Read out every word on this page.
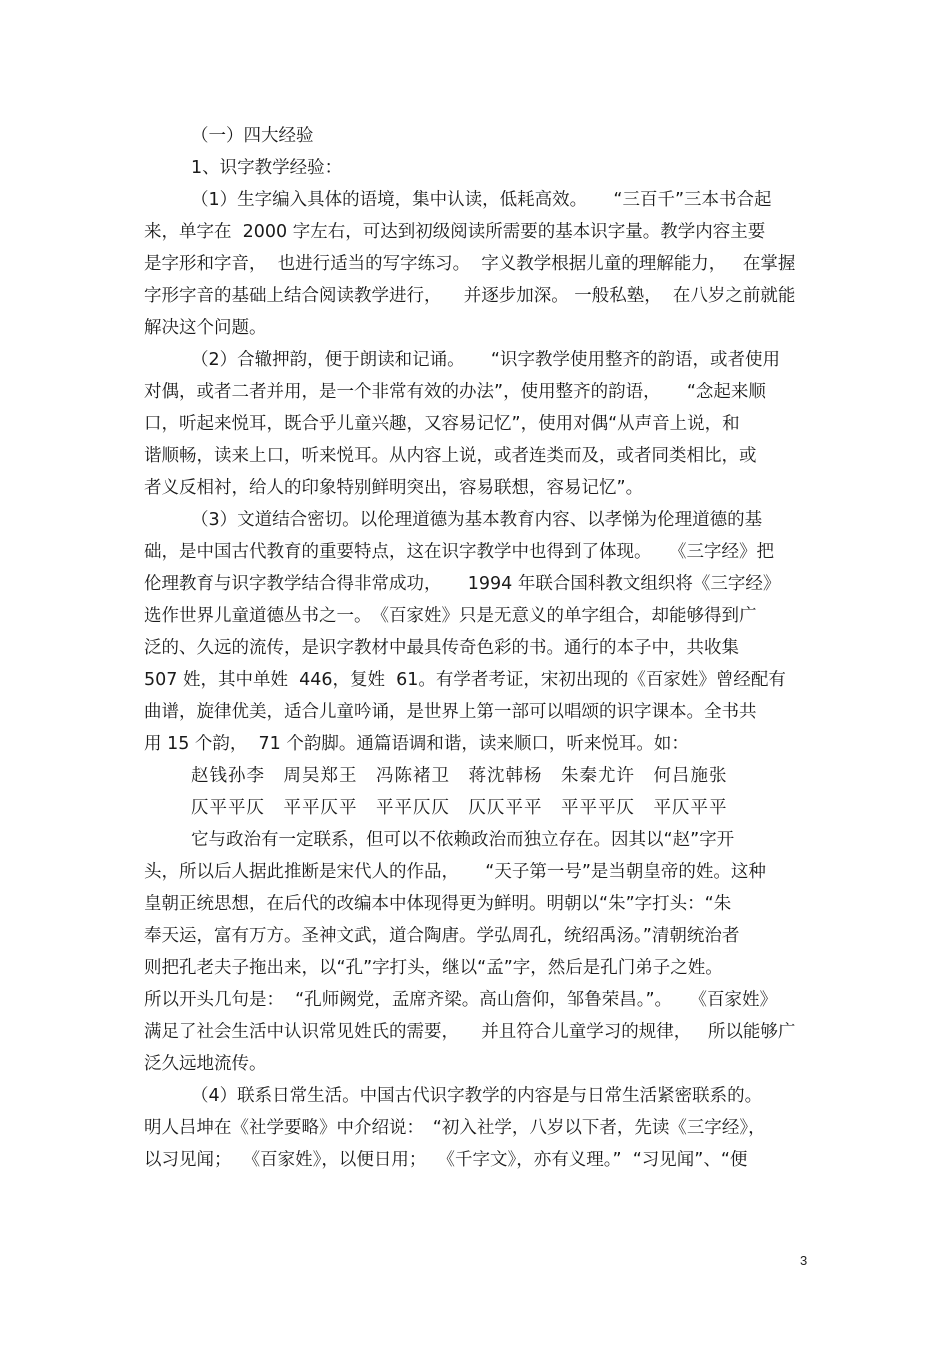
（一）四大经验
1、识字教学经验：
（1）生字编入具体的语境，集中认读，低耗高效。　　“三百千”三本书合起
来，单字在  2000 字左右，可达到初级阅读所需要的基本识字量。教学内容主要
是字形和字音，  也进行适当的写字练习。  字义教学根据儿童的理解能力，   在掌握
字形字音的基础上结合阅读教学进行，    并逐步加深。 一般私塾，  在八岁之前就能
解决这个问题。
（2）合辙押韵，便于朗读和记诵。　　“识字教学使用整齐的韵语，或者使用
对偶，或者二者并用，是一个非常有效的办法”，使用整齐的韵语，　　“念起来顺
口，听起来悦耳，既合乎儿童兴趣，又容易记忆”，使用对偶“从声音上说，和
谐顺畅，读来上口，听来悦耳。从内容上说，或者连类而及，或者同类相比，或
者义反相衬，给人的印象特别鲜明突出，容易联想，容易记忆”。
（3）文道结合密切。以伦理道德为基本教育内容、以孝悌为伦理道德的基
础，是中国古代教育的重要特点，这在识字教学中也得到了体现。　　《三字经》把
伦理教育与识字教学结合得非常成功，　　1994 年联合国科教文组织将《三字经》
选作世界儿童道德丛书之一。　《百家姓》只是无意义的单字组合，却能够得到广
泛的、久远的流传，是识字教材中最具传奇色彩的书。通行的本子中，共收集
507 姓，其中单姓  446，复姓  61。有学者考证，宋初出现的《百家姓》曾经配有
曲谱，旋律优美，适合儿童吟诵，是世界上第一部可以唱颂的识字课本。全书共
用 15 个韵，  71 个韵脚。通篇语调和谐，读来顺口，听来悦耳。如：
赵钱孙李　周吴郑王　冯陈褚卫　蒋沈韩杨　朱秦尤许　何吕施张
仄平平仄　平平仄平　平平仄仄　仄仄平平　平平平仄　平仄平平
它与政治有一定联系，但可以不依赖政治而独立存在。因其以“赵”字开
头，所以后人据此推断是宋代人的作品，　　“天子第一号”是当朝皇帝的姓。这种
皇朝正统思想，在后代的改编本中体现得更为鲜明。明朝以“朱”字打头：“朱
奉天运，富有万方。圣神文武，道合陶唐。学弘周孔，统绍禹汤。”清朝统治者
则把孔老夫子拖出来，以“孔”字打头，继以“孟”字，然后是孔门弟子之姓。
所以开头几句是：  “孔师阙党，孟席齐梁。高山詹仰，邹鲁荣昌。”。　　《百家姓》
满足了社会生活中认识常见姓氏的需要，    并且符合儿童学习的规律，   所以能够广
泛久远地流传。
（4）联系日常生活。中国古代识字教学的内容是与日常生活紧密联系的。
明人吕坤在《社学要略》中介绍说：　“初入社学，八岁以下者，先读《三字经》，
以习见闻；  《百家姓》，以便日用；  《千字文》，亦有义理。”  “习见闻”、“便
3
